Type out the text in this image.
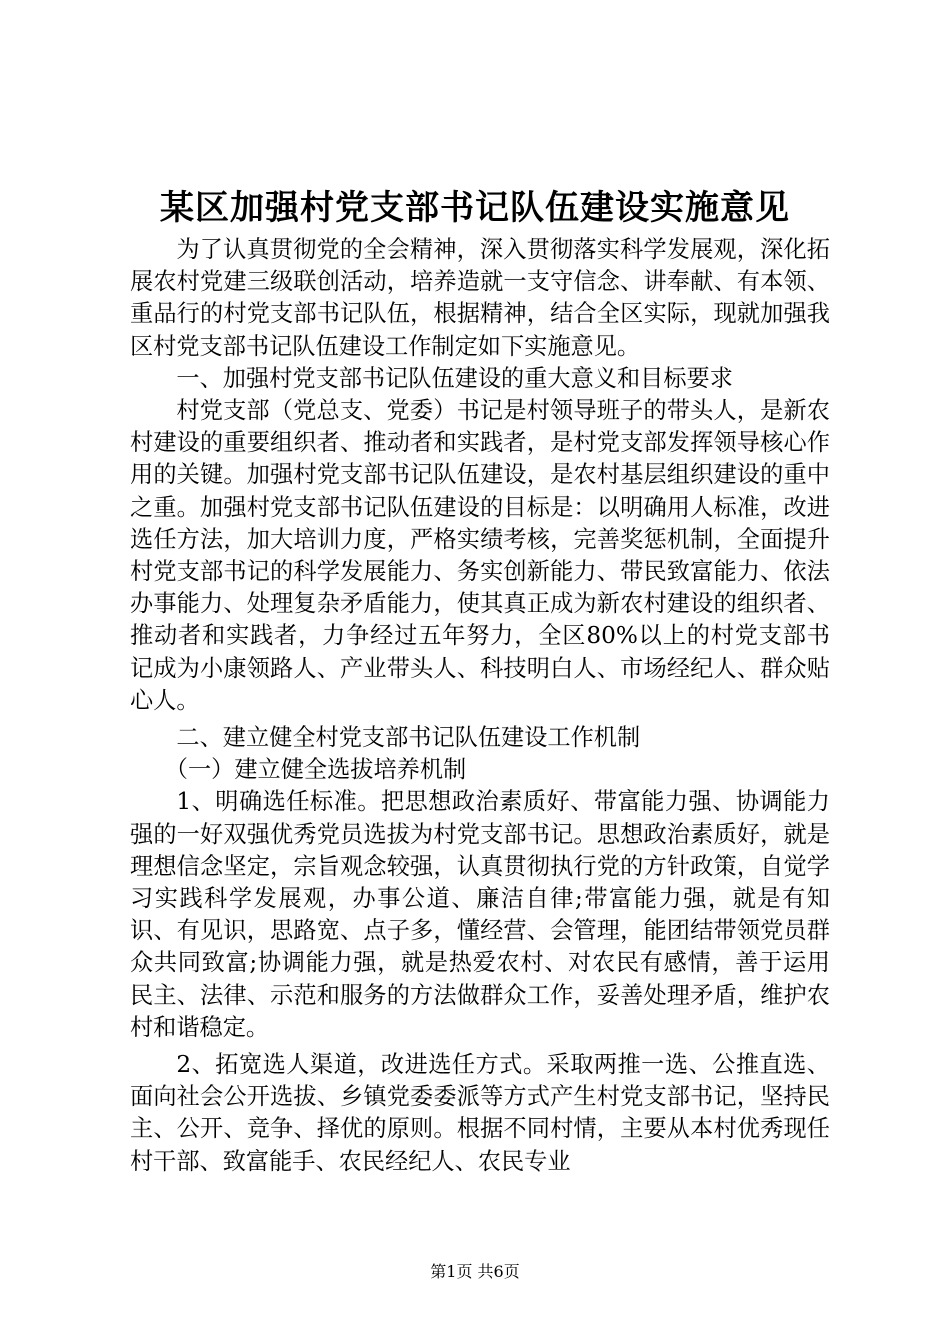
某区加强村党支部书记队伍建设实施意见

为了认真贯彻党的全会精神，深入贯彻落实科学发展观，深化拓展农村党建三级联创活动，培养造就一支守信念、讲奉献、有本领、重品行的村党支部书记队伍，根据精神，结合全区实际，现就加强我区村党支部书记队伍建设工作制定如下实施意见。

一、加强村党支部书记队伍建设的重大意义和目标要求

村党支部（党总支、党委）书记是村领导班子的带头人，是新农村建设的重要组织者、推动者和实践者，是村党支部发挥领导核心作用的关键。加强村党支部书记队伍建设，是农村基层组织建设的重中之重。加强村党支部书记队伍建设的目标是：以明确用人标准，改进选任方法，加大培训力度，严格实绩考核，完善奖惩机制，全面提升村党支部书记的科学发展能力、务实创新能力、带民致富能力、依法办事能力、处理复杂矛盾能力，使其真正成为新农村建设的组织者、推动者和实践者，力争经过五年努力，全区80%以上的村党支部书记成为小康领路人、产业带头人、科技明白人、市场经纪人、群众贴心人。

二、建立健全村党支部书记队伍建设工作机制

（一）建立健全选拔培养机制

1、明确选任标准。把思想政治素质好、带富能力强、协调能力强的一好双强优秀党员选拔为村党支部书记。思想政治素质好，就是理想信念坚定，宗旨观念较强，认真贯彻执行党的方针政策，自觉学习实践科学发展观，办事公道、廉洁自律;带富能力强，就是有知识、有见识，思路宽、点子多，懂经营、会管理，能团结带领党员群众共同致富;协调能力强，就是热爱农村、对农民有感情，善于运用民主、法律、示范和服务的方法做群众工作，妥善处理矛盾，维护农村和谐稳定。

2、拓宽选人渠道，改进选任方式。采取两推一选、公推直选、面向社会公开选拔、乡镇党委委派等方式产生村党支部书记，坚持民主、公开、竞争、择优的原则。根据不同村情，主要从本村优秀现任村干部、致富能手、农民经纪人、农民专业

第1页 共6页
